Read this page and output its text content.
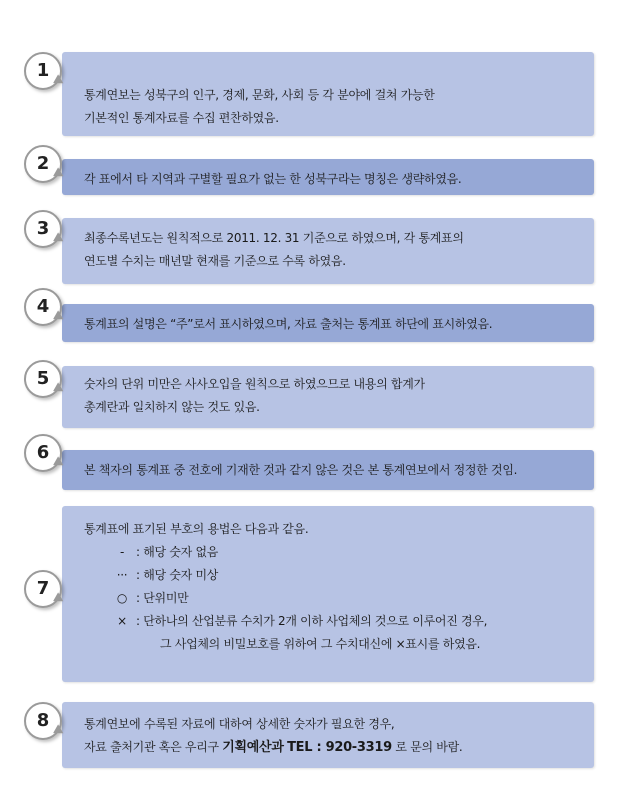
1
통계연보는 성북구의 인구, 경제, 문화, 사회 등 각 분야에 걸쳐 가능한
기본적인 통계자료를 수집 편찬하였음.
2
각 표에서 타 지역과 구별할 필요가 없는 한 성북구라는 명칭은 생략하였음.
3	최종수록년도는 원칙적으로 2011. 12. 31 기준으로 하였으며, 각 통계표의
연도별 수치는 매년말 현재를 기준으로 수록 하였음.
4
통계표의 설명은 “주”로서 표시하였으며, 자료 출처는 통계표 하단에 표시하였음.
5	숫자의 단위 미만은 사사오입을 원칙으로 하였으므로 내용의 합계가
총계란과 일치하지 않는 것도 있음.
6
본 책자의 통계표 중 전호에 기재한 것과 같지 않은 것은 본 통계연보에서 정정한 것임.
7
통계표에 표기된 부호의 용법은 다음과 같음.
- : 해당 숫자 없음
··· : 해당 숫자 미상
○ : 단위미만
× : 단하나의 산업분류 수치가 2개 이하 사업체의 것으로 이루어진 경우,
그 사업체의 비밀보호를 위하여 그 수치대신에 ×표시를 하였음.
8	통계연보에 수록된 자료에 대하여 상세한 숫자가 필요한 경우,
자료 출처기관 혹은 우리구 기획예산과 TEL : 920-3319 로 문의 바람.
